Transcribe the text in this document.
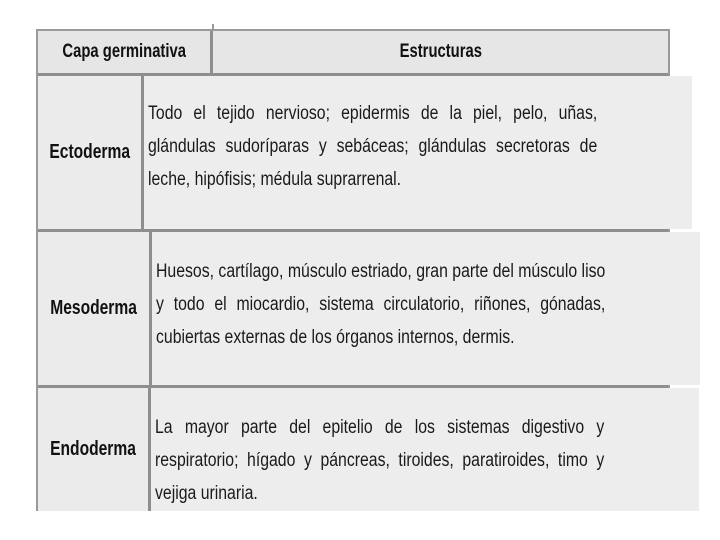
Capa germinativa	Estructuras
Ectoderma
Todo el tejido nervioso; epidermis de la piel, pelo, uñas, glándulas sudoríparas y sebáceas; glándulas secretoras de leche, hipófisis; médula suprarrenal.
Mesoderma
Huesos, cartílago, músculo estriado, gran parte del músculo liso y todo el miocardio, sistema circulatorio, riñones, gónadas, cubiertas externas de los órganos internos, dermis.
Endoderma
La mayor parte del epitelio de los sistemas digestivo y respiratorio; hígado y páncreas, tiroides, paratiroides, timo y vejiga urinaria.
